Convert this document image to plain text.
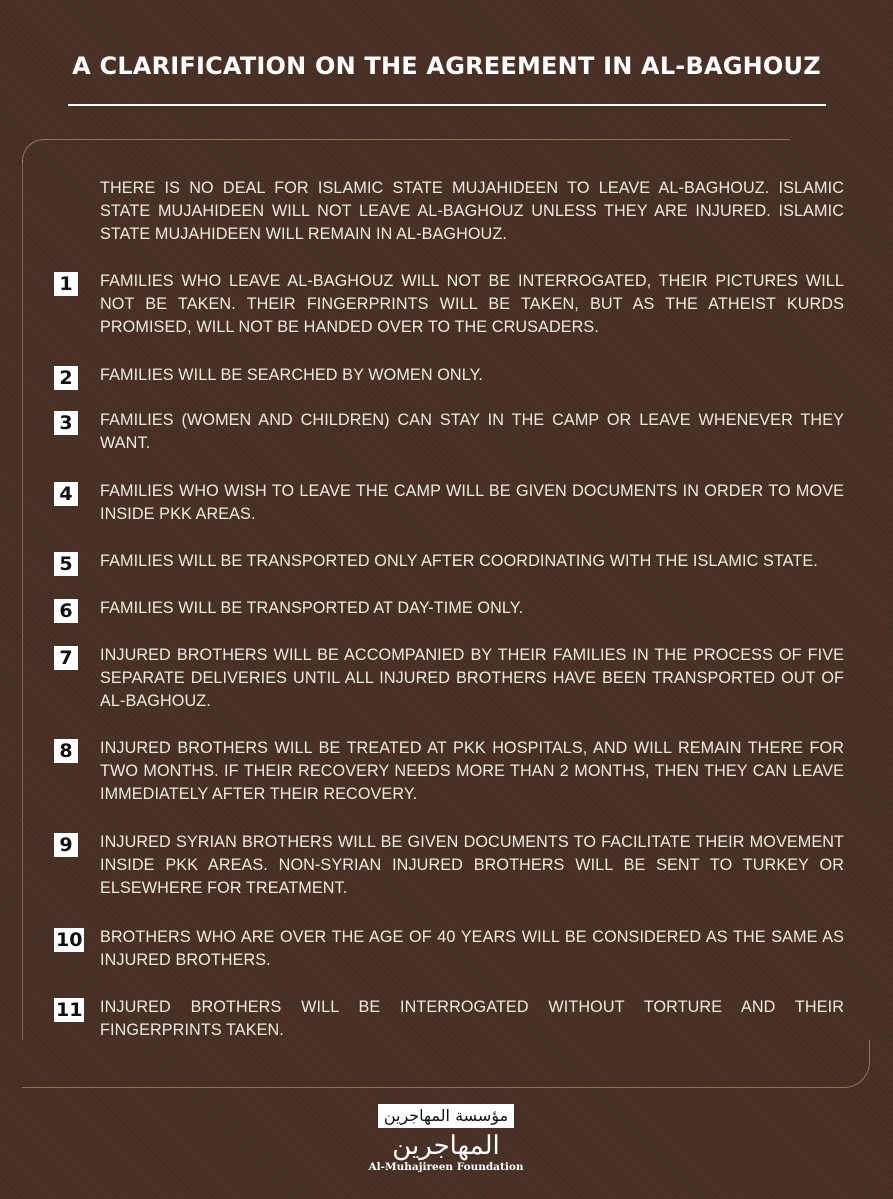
A CLARIFICATION ON THE AGREEMENT IN AL-BAGHOUZ

THERE IS NO DEAL FOR ISLAMIC STATE MUJAHIDEEN TO LEAVE AL-BAGHOUZ. ISLAMIC STATE MUJAHIDEEN WILL NOT LEAVE AL-BAGHOUZ UNLESS THEY ARE INJURED. ISLAMIC STATE MUJAHIDEEN WILL REMAIN IN AL-BAGHOUZ.

1	FAMILIES WHO LEAVE AL-BAGHOUZ WILL NOT BE INTERROGATED, THEIR PICTURES WILL NOT BE TAKEN. THEIR FINGERPRINTS WILL BE TAKEN, BUT AS THE ATHEIST KURDS PROMISED, WILL NOT BE HANDED OVER TO THE CRUSADERS.

2	FAMILIES WILL BE SEARCHED BY WOMEN ONLY.

3	FAMILIES (WOMEN AND CHILDREN) CAN STAY IN THE CAMP OR LEAVE WHENEVER THEY WANT.

4	FAMILIES WHO WISH TO LEAVE THE CAMP WILL BE GIVEN DOCUMENTS IN ORDER TO MOVE INSIDE PKK AREAS.

5	FAMILIES WILL BE TRANSPORTED ONLY AFTER COORDINATING WITH THE ISLAMIC STATE.

6	FAMILIES WILL BE TRANSPORTED AT DAY-TIME ONLY.

7	INJURED BROTHERS WILL BE ACCOMPANIED BY THEIR FAMILIES IN THE PROCESS OF FIVE SEPARATE DELIVERIES UNTIL ALL INJURED BROTHERS HAVE BEEN TRANSPORTED OUT OF AL-BAGHOUZ.

8	INJURED BROTHERS WILL BE TREATED AT PKK HOSPITALS, AND WILL REMAIN THERE FOR TWO MONTHS. IF THEIR RECOVERY NEEDS MORE THAN 2 MONTHS, THEN THEY CAN LEAVE IMMEDIATELY AFTER THEIR RECOVERY.

9	INJURED SYRIAN BROTHERS WILL BE GIVEN DOCUMENTS TO FACILITATE THEIR MOVEMENT INSIDE PKK AREAS. NON-SYRIAN INJURED BROTHERS WILL BE SENT TO TURKEY OR ELSEWHERE FOR TREATMENT.

10 BROTHERS WHO ARE OVER THE AGE OF 40 YEARS WILL BE CONSIDERED AS THE SAME AS INJURED BROTHERS.

11 INJURED BROTHERS WILL BE INTERROGATED WITHOUT TORTURE AND THEIR FINGERPRINTS TAKEN.

مؤسسة المهاجرين
المهاجرين
Al-Muhajireen Foundation
